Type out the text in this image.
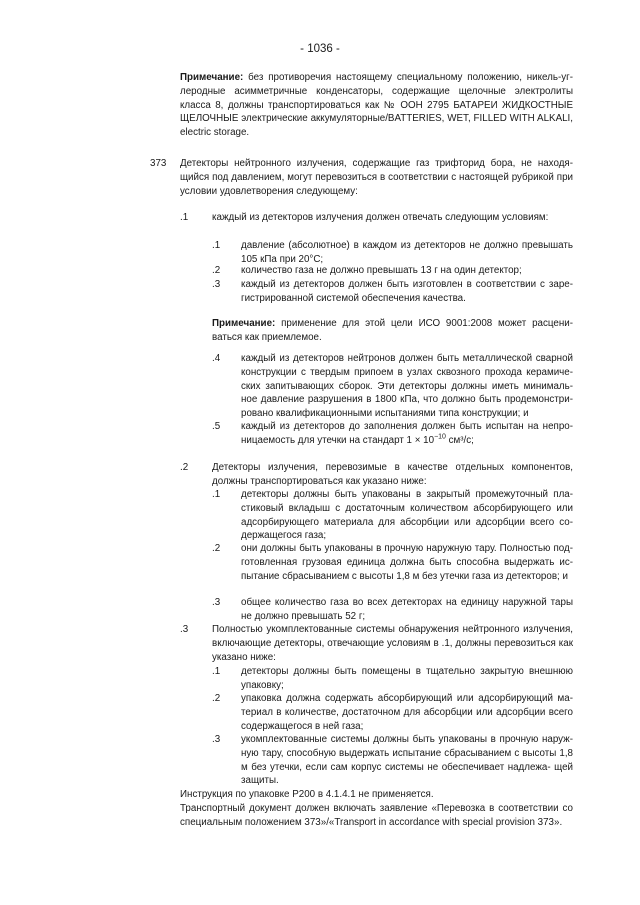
- 1036 -
Примечание: без противоречия настоящему специальному положению, никель-уг- леродные асимметричные конденсаторы, содержащие щелочные электролиты класса 8, должны транспортироваться как № ООН 2795 БАТАРЕИ ЖИДКОСТНЫЕ ЩЕЛОЧНЫЕ электрические аккумуляторные/BATTERIES, WET, FILLED WITH ALKALI, electric storage.
373 Детекторы нейтронного излучения, содержащие газ трифторид бора, не находя- щийся под давлением, могут перевозиться в соответствии с настоящей рубрикой при условии удовлетворения следующему:
.1 каждый из детекторов излучения должен отвечать следующим условиям:
.1 давление (абсолютное) в каждом из детекторов не должно превышать 105 кПа при 20°С;
.2 количество газа не должно превышать 13 г на один детектор;
.3 каждый из детекторов должен быть изготовлен в соответствии с заре- гистрированной системой обеспечения качества.
Примечание: применение для этой цели ИСО 9001:2008 может расцени- ваться как приемлемое.
.4 каждый из детекторов нейтронов должен быть металлической сварной конструкции с твердым припоем в узлах сквозного прохода керамиче- ских запитывающих сборок. Эти детекторы должны иметь минималь- ное давление разрушения в 1800 кПа, что должно быть продемонстри- ровано квалификационными испытаниями типа конструкции; и
.5 каждый из детекторов до заполнения должен быть испытан на непро- ницаемость для утечки на стандарт $1 \times 10^{-10}$ см³/с;
.2 Детекторы излучения, перевозимые в качестве отдельных компонентов, должны транспортироваться как указано ниже:
.1 детекторы должны быть упакованы в закрытый промежуточный пла- стиковый вкладыш с достаточным количеством абсорбирующего или адсорбирующего материала для абсорбции или адсорбции всего со- держащегося газа;
.2 они должны быть упакованы в прочную наружную тару. Полностью под- готовленная грузовая единица должна быть способна выдержать ис- пытание сбрасыванием с высоты 1,8 м без утечки газа из детекторов; и
.3 общее количество газа во всех детекторах на единицу наружной тары не должно превышать 52 г;
.3 Полностью укомплектованные системы обнаружения нейтронного излучения, включающие детекторы, отвечающие условиям в .1, должны перевозиться как указано ниже:
.1 детекторы должны быть помещены в тщательно закрытую внешнюю упаковку;
.2 упаковка должна содержать абсорбирующий или адсорбирующий ма- териал в количестве, достаточном для абсорбции или адсорбции всего содержащегося в ней газа;
.3 укомплектованные системы должны быть упакованы в прочную наруж- ную тару, способную выдержать испытание сбрасыванием с высоты 1,8 м без утечки, если сам корпус системы не обеспечивает надлежа- щей защиты.
Инструкция по упаковке Р200 в 4.1.4.1 не применяется.
Транспортный документ должен включать заявление «Перевозка в соответствии со специальным положением 373»/«Transport in accordance with special provision 373».
